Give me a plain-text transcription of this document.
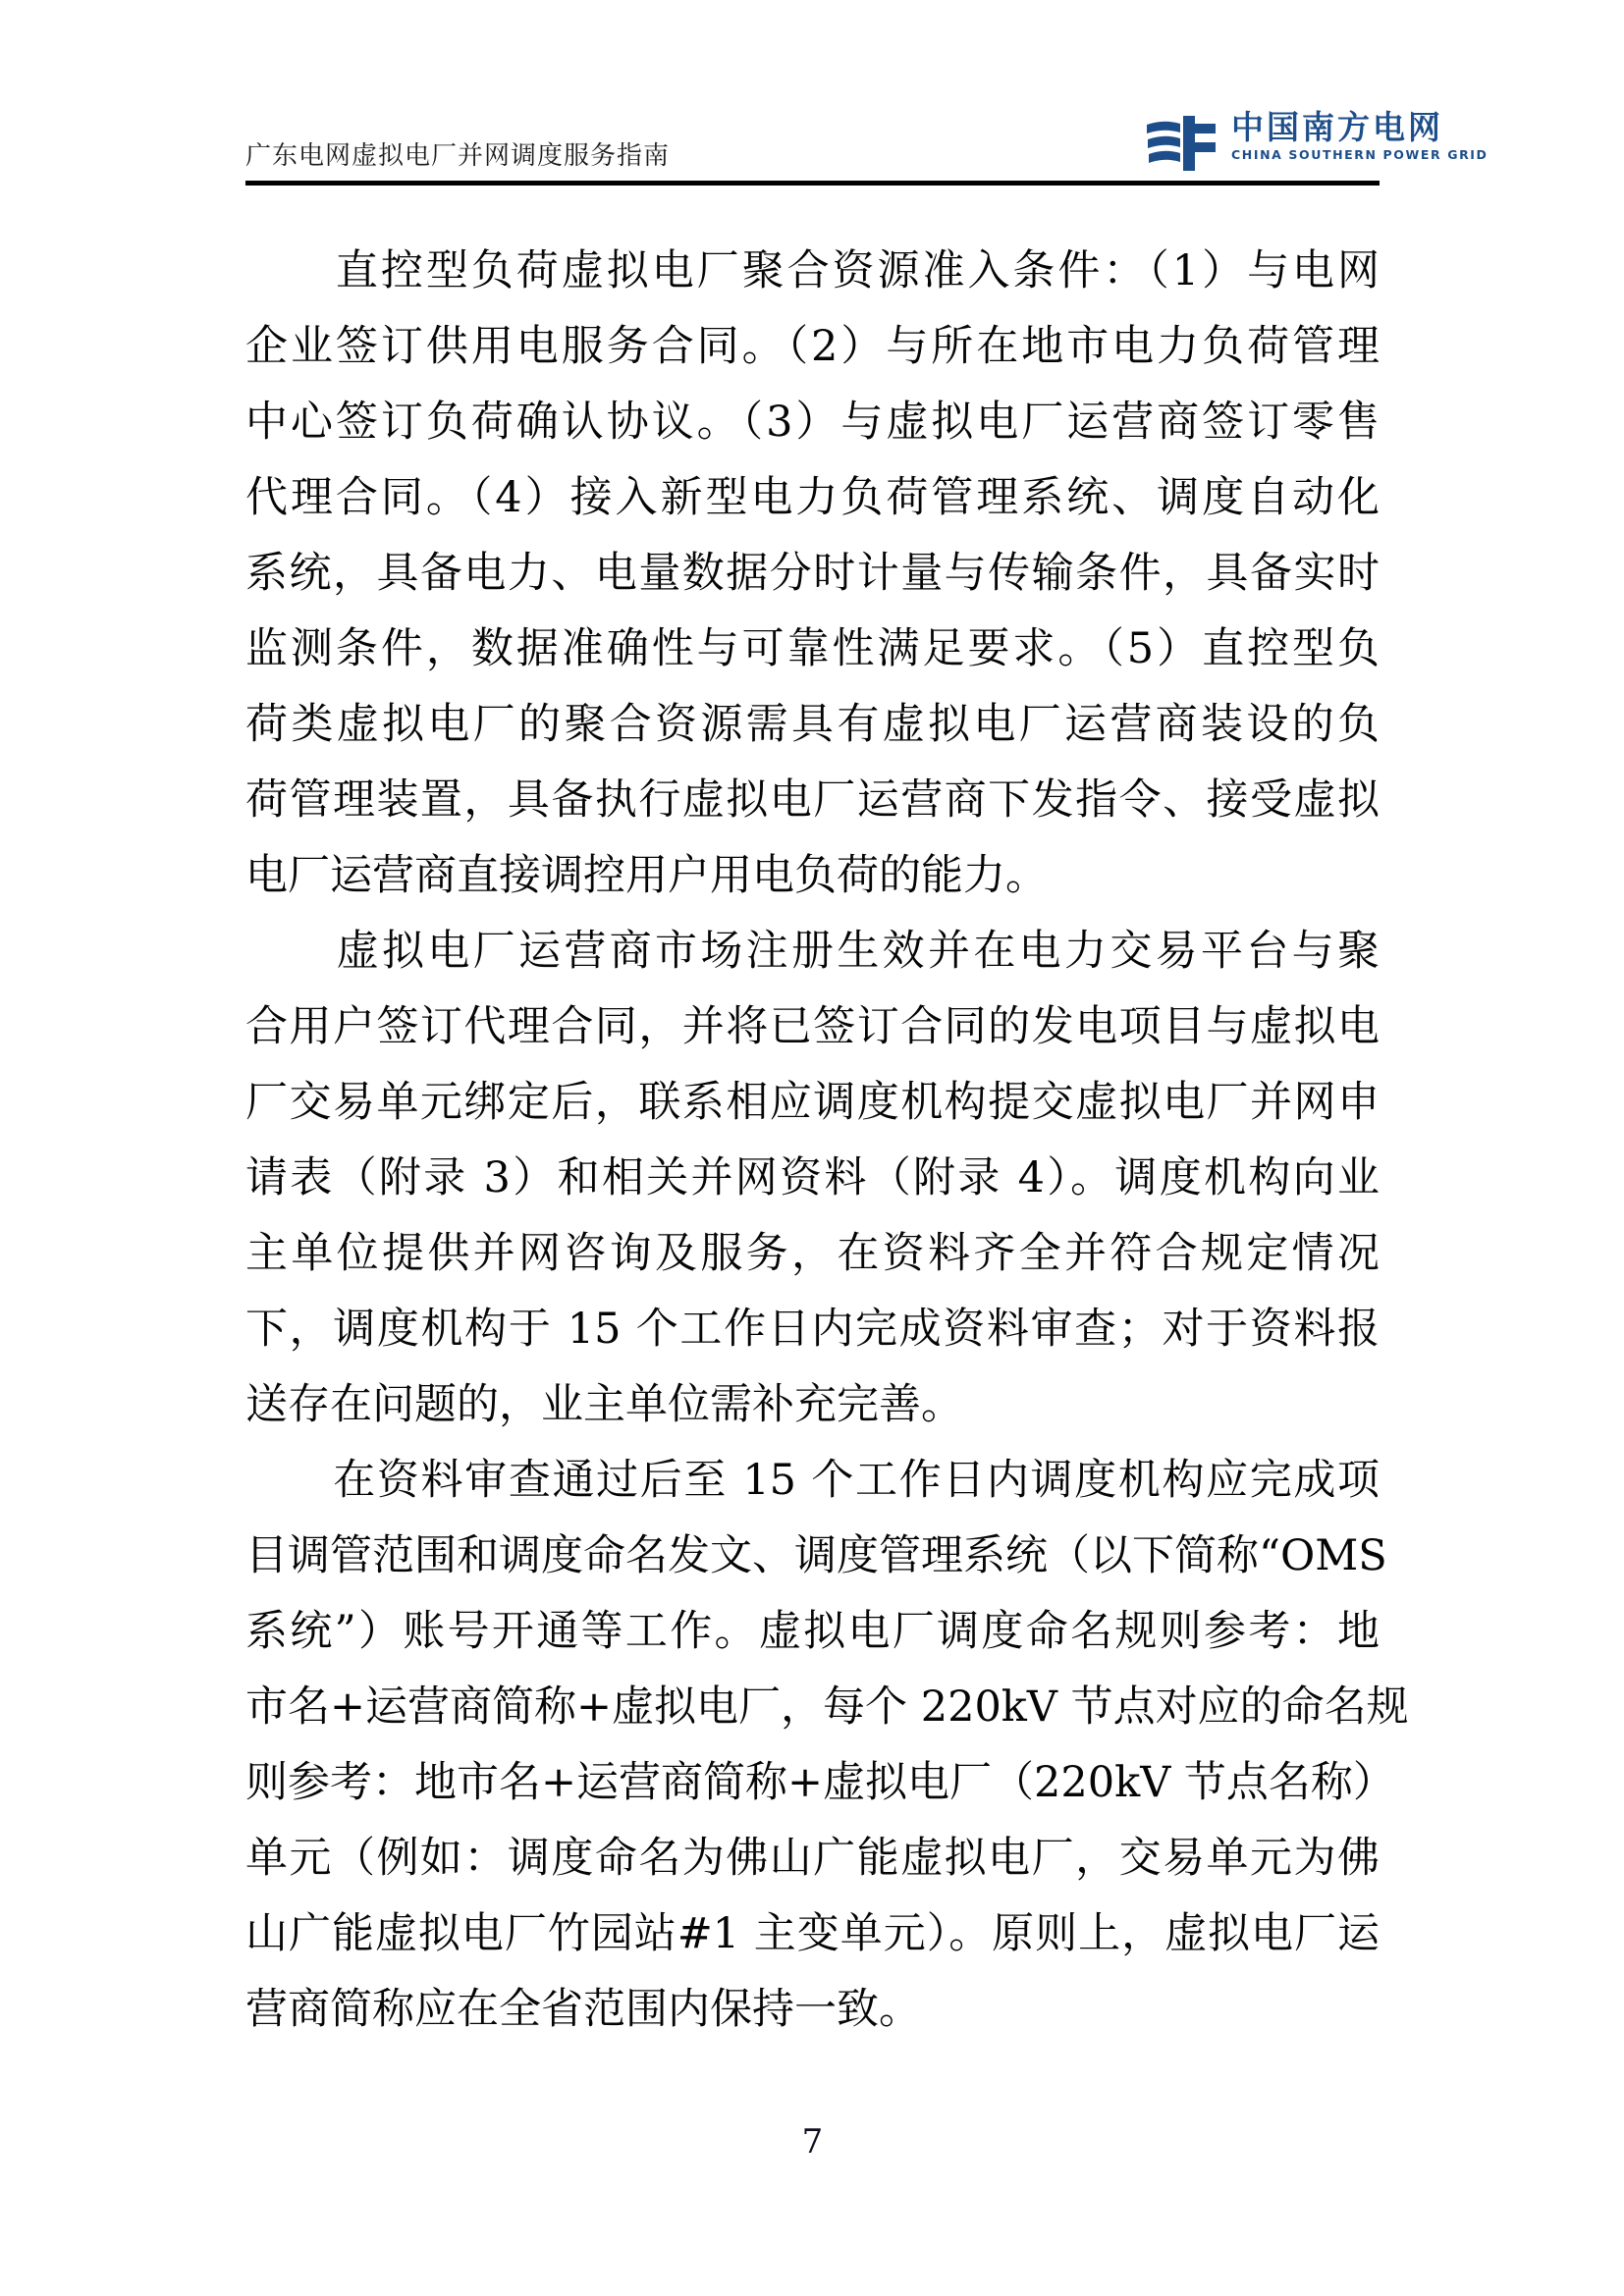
广东电网虚拟电厂并网调度服务指南
中国南方电网
CHINA SOUTHERN POWER GRID
　　直控型负荷虚拟电厂聚合资源准入条件：（1）与电网
企业签订供用电服务合同。（2）与所在地市电力负荷管理
中心签订负荷确认协议。（3）与虚拟电厂运营商签订零售
代理合同。（4）接入新型电力负荷管理系统、调度自动化
系统，具备电力、电量数据分时计量与传输条件，具备实时
监测条件，数据准确性与可靠性满足要求。（5）直控型负
荷类虚拟电厂的聚合资源需具有虚拟电厂运营商装设的负
荷管理装置，具备执行虚拟电厂运营商下发指令、接受虚拟
电厂运营商直接调控用户用电负荷的能力。
　　虚拟电厂运营商市场注册生效并在电力交易平台与聚
合用户签订代理合同，并将已签订合同的发电项目与虚拟电
厂交易单元绑定后，联系相应调度机构提交虚拟电厂并网申
请表（附录 3）和相关并网资料（附录 4）。调度机构向业
主单位提供并网咨询及服务，在资料齐全并符合规定情况
下，调度机构于 15 个工作日内完成资料审查；对于资料报
送存在问题的，业主单位需补充完善。
　　在资料审查通过后至 15 个工作日内调度机构应完成项
目调管范围和调度命名发文、调度管理系统（以下简称“OMS
系统”）账号开通等工作。虚拟电厂调度命名规则参考：地
市名+运营商简称+虚拟电厂，每个 220kV 节点对应的命名规
则参考：地市名+运营商简称+虚拟电厂（220kV 节点名称）
单元（例如：调度命名为佛山广能虚拟电厂，交易单元为佛
山广能虚拟电厂竹园站#1 主变单元）。原则上，虚拟电厂运
营商简称应在全省范围内保持一致。
7
